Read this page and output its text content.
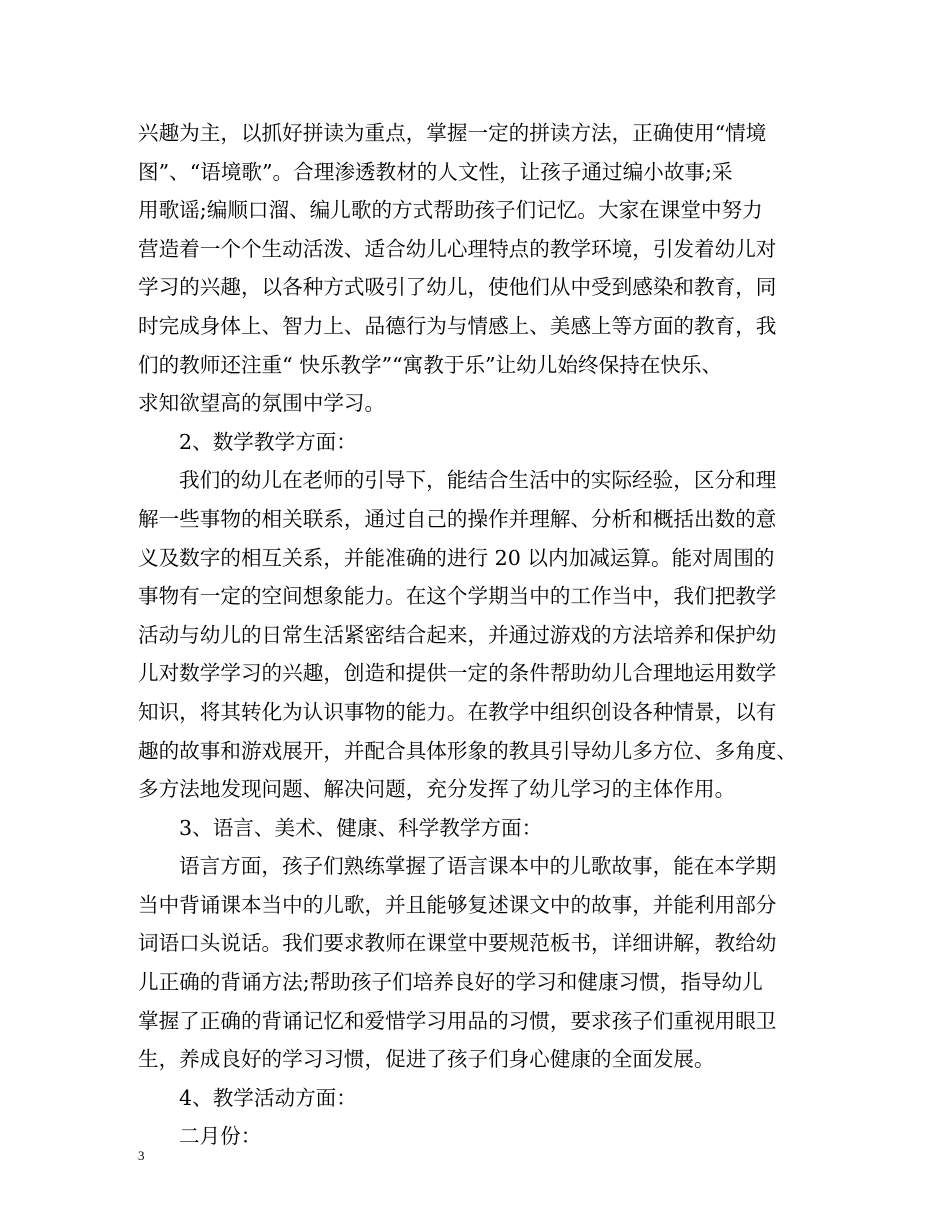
兴趣为主，以抓好拼读为重点，掌握一定的拼读方法，正确使用“情境
图”、“语境歌”。合理渗透教材的人文性，让孩子通过编小故事;采
用歌谣;编顺口溜、编儿歌的方式帮助孩子们记忆。大家在课堂中努力
营造着一个个生动活泼、适合幼儿心理特点的教学环境，引发着幼儿对
学习的兴趣，以各种方式吸引了幼儿，使他们从中受到感染和教育，同
时完成身体上、智力上、品德行为与情感上、美感上等方面的教育，我
们的教师还注重“ 快乐教学”“寓教于乐”让幼儿始终保持在快乐、
求知欲望高的氛围中学习。
2、数学教学方面：
我们的幼儿在老师的引导下，能结合生活中的实际经验，区分和理
解一些事物的相关联系，通过自己的操作并理解、分析和概括出数的意
义及数字的相互关系，并能准确的进行 20 以内加减运算。能对周围的
事物有一定的空间想象能力。在这个学期当中的工作当中，我们把教学
活动与幼儿的日常生活紧密结合起来，并通过游戏的方法培养和保护幼
儿对数学学习的兴趣，创造和提供一定的条件帮助幼儿合理地运用数学
知识，将其转化为认识事物的能力。在教学中组织创设各种情景，以有
趣的故事和游戏展开，并配合具体形象的教具引导幼儿多方位、多角度、
多方法地发现问题、解决问题，充分发挥了幼儿学习的主体作用。
3、语言、美术、健康、科学教学方面：
语言方面，孩子们熟练掌握了语言课本中的儿歌故事，能在本学期
当中背诵课本当中的儿歌，并且能够复述课文中的故事，并能利用部分
词语口头说话。我们要求教师在课堂中要规范板书，详细讲解，教给幼
儿正确的背诵方法;帮助孩子们培养良好的学习和健康习惯，指导幼儿
掌握了正确的背诵记忆和爱惜学习用品的习惯，要求孩子们重视用眼卫
生，养成良好的学习习惯，促进了孩子们身心健康的全面发展。
4、教学活动方面：
二月份：
3
